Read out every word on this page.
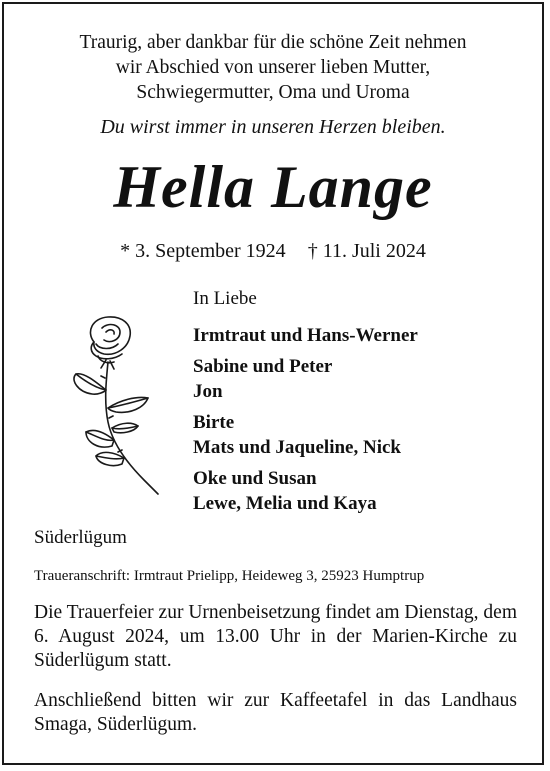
Traurig, aber dankbar für die schöne Zeit nehmen
wir Abschied von unserer lieben Mutter,
Schwiegermutter, Oma und Uroma
Du wirst immer in unseren Herzen bleiben.
Hella Lange
* 3. September 1924 † 11. Juli 2024
In Liebe
Irmtraut und Hans-Werner
Sabine und Peter
Jon
Birte
Mats und Jaqueline, Nick
Oke und Susan
Lewe, Melia und Kaya
Süderlügum
Traueranschrift: Irmtraut Prielipp, Heideweg 3, 25923 Humptrup
Die Trauerfeier zur Urnenbeisetzung findet am Dienstag, dem 6. August 2024, um 13.00 Uhr in der Marien-Kirche zu Süderlügum statt.
Anschließend bitten wir zur Kaffeetafel in das Landhaus Smaga, Süderlügum.
